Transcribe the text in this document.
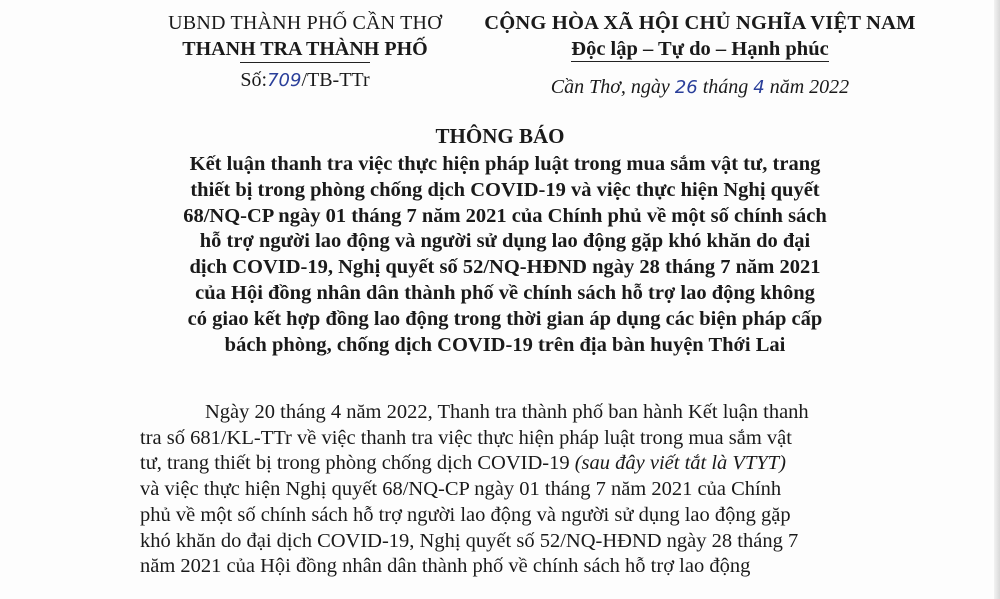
UBND THÀNH PHỐ CẦN THƠ
THANH TRA THÀNH PHỐ
Số:709/TB-TTr
CỘNG HÒA XÃ HỘI CHỦ NGHĨA VIỆT NAM
Độc lập – Tự do – Hạnh phúc
Cần Thơ, ngày 26 tháng 4 năm 2022
THÔNG BÁO
Kết luận thanh tra việc thực hiện pháp luật trong mua sắm vật tư, trang
thiết bị trong phòng chống dịch COVID-19 và việc thực hiện Nghị quyết
68/NQ-CP ngày 01 tháng 7 năm 2021 của Chính phủ về một số chính sách
hỗ trợ người lao động và người sử dụng lao động gặp khó khăn do đại
dịch COVID-19, Nghị quyết số 52/NQ-HĐND ngày 28 tháng 7 năm 2021
của Hội đồng nhân dân thành phố về chính sách hỗ trợ lao động không
có giao kết hợp đồng lao động trong thời gian áp dụng các biện pháp cấp
bách phòng, chống dịch COVID-19 trên địa bàn huyện Thới Lai
Ngày 20 tháng 4 năm 2022, Thanh tra thành phố ban hành Kết luận thanh
tra số 681/KL-TTr về việc thanh tra việc thực hiện pháp luật trong mua sắm vật
tư, trang thiết bị trong phòng chống dịch COVID-19 (sau đây viết tắt là VTYT)
và việc thực hiện Nghị quyết 68/NQ-CP ngày 01 tháng 7 năm 2021 của Chính
phủ về một số chính sách hỗ trợ người lao động và người sử dụng lao động gặp
khó khăn do đại dịch COVID-19, Nghị quyết số 52/NQ-HĐND ngày 28 tháng 7
năm 2021 của Hội đồng nhân dân thành phố về chính sách hỗ trợ lao động
